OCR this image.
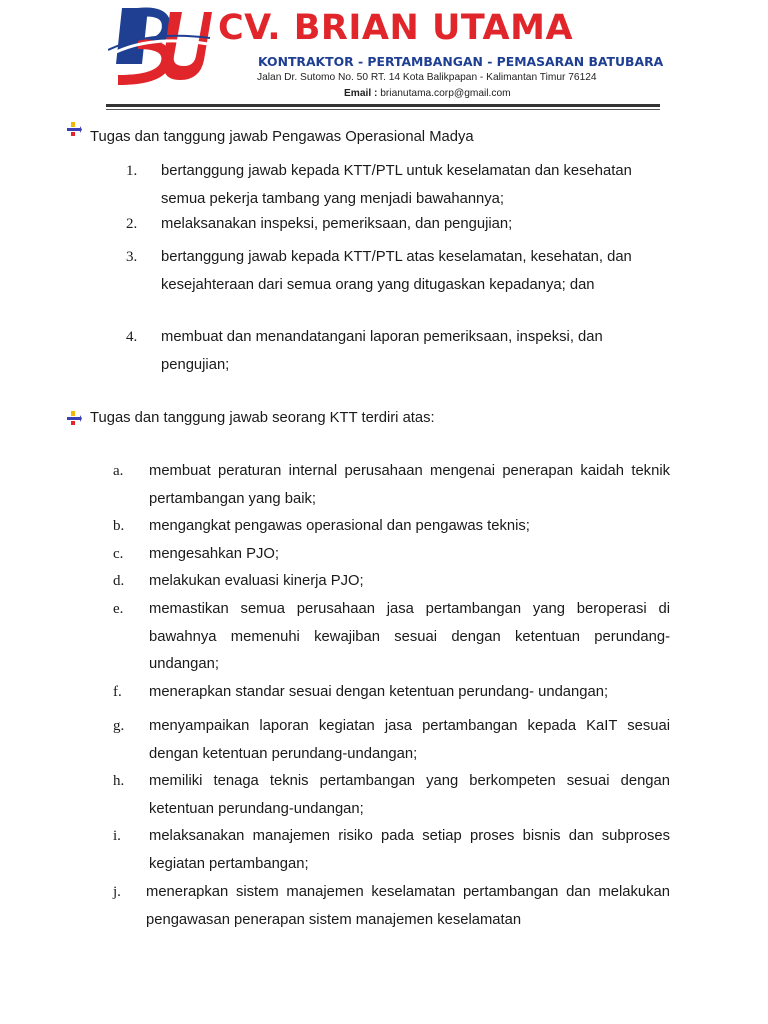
CV. BRIAN UTAMA
KONTRAKTOR - PERTAMBANGAN - PEMASARAN BATUBARA
Jalan Dr. Sutomo No. 50 RT. 14 Kota Balikpapan - Kalimantan Timur 76124
Email : brianutama.corp@gmail.com
Tugas dan tanggung jawab Pengawas Operasional Madya
1. bertanggung jawab kepada KTT/PTL untuk keselamatan dan kesehatan semua pekerja tambang yang menjadi bawahannya;
2. melaksanakan inspeksi, pemeriksaan, dan pengujian;
3. bertanggung jawab kepada KTT/PTL atas keselamatan, kesehatan, dan kesejahteraan dari semua orang yang ditugaskan kepadanya; dan
4. membuat dan menandatangani laporan pemeriksaan, inspeksi, dan pengujian;
Tugas dan tanggung jawab seorang KTT terdiri atas:
a. membuat peraturan internal perusahaan mengenai penerapan kaidah teknik pertambangan yang baik;
b. mengangkat pengawas operasional dan pengawas teknis;
c. mengesahkan PJO;
d. melakukan evaluasi kinerja PJO;
e. memastikan semua perusahaan jasa pertambangan yang beroperasi di bawahnya memenuhi kewajiban sesuai dengan ketentuan perundang-undangan;
f. menerapkan standar sesuai dengan ketentuan perundang- undangan;
g. menyampaikan laporan kegiatan jasa pertambangan kepada KaIT sesuai dengan ketentuan perundang-undangan;
h. memiliki tenaga teknis pertambangan yang berkompeten sesuai dengan ketentuan perundang-undangan;
i. melaksanakan manajemen risiko pada setiap proses bisnis dan subproses kegiatan pertambangan;
j. menerapkan sistem manajemen keselamatan pertambangan dan melakukan pengawasan penerapan sistem manajemen keselamatan
